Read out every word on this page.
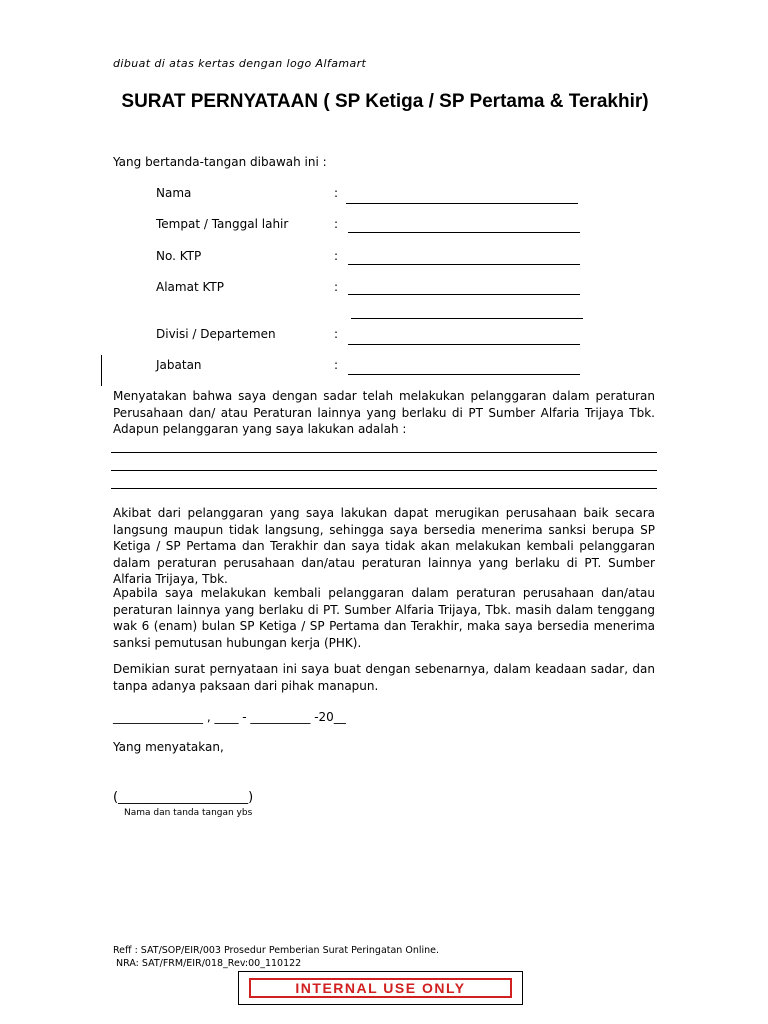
dibuat di atas kertas dengan logo Alfamart
SURAT PERNYATAAN ( SP Ketiga / SP Pertama & Terakhir)
Yang bertanda-tangan dibawah ini :
Nama	:
Tempat / Tanggal lahir	:
No. KTP	:
Alamat KTP	:
Divisi / Departemen	:
Jabatan	:
Menyatakan bahwa saya dengan sadar telah melakukan pelanggaran dalam peraturan Perusahaan dan/ atau Peraturan lainnya yang berlaku di PT Sumber Alfaria Trijaya Tbk. Adapun pelanggaran yang saya lakukan adalah :
Akibat dari pelanggaran yang saya lakukan dapat merugikan perusahaan baik secara langsung maupun tidak langsung, sehingga saya bersedia menerima sanksi berupa SP Ketiga / SP Pertama dan Terakhir dan saya tidak akan melakukan kembali pelanggaran dalam peraturan perusahaan dan/atau peraturan lainnya yang berlaku di PT. Sumber Alfaria Trijaya, Tbk.
Apabila saya melakukan kembali pelanggaran dalam peraturan perusahaan dan/atau peraturan lainnya yang berlaku di PT. Sumber Alfaria Trijaya, Tbk. masih dalam tenggang wak 6 (enam) bulan SP Ketiga / SP Pertama dan Terakhir, maka saya bersedia menerima sanksi pemutusan hubungan kerja (PHK).
Demikian surat pernyataan ini saya buat dengan sebenarnya, dalam keadaan sadar, dan tanpa adanya paksaan dari pihak manapun.
_______________ , ____ - __________ -20__
Yang menyatakan,
(____________________)
Nama dan tanda tangan ybs
Reff : SAT/SOP/EIR/003 Prosedur Pemberian Surat Peringatan Online.
NRA: SAT/FRM/EIR/018_Rev:00_110122
INTERNAL USE ONLY
